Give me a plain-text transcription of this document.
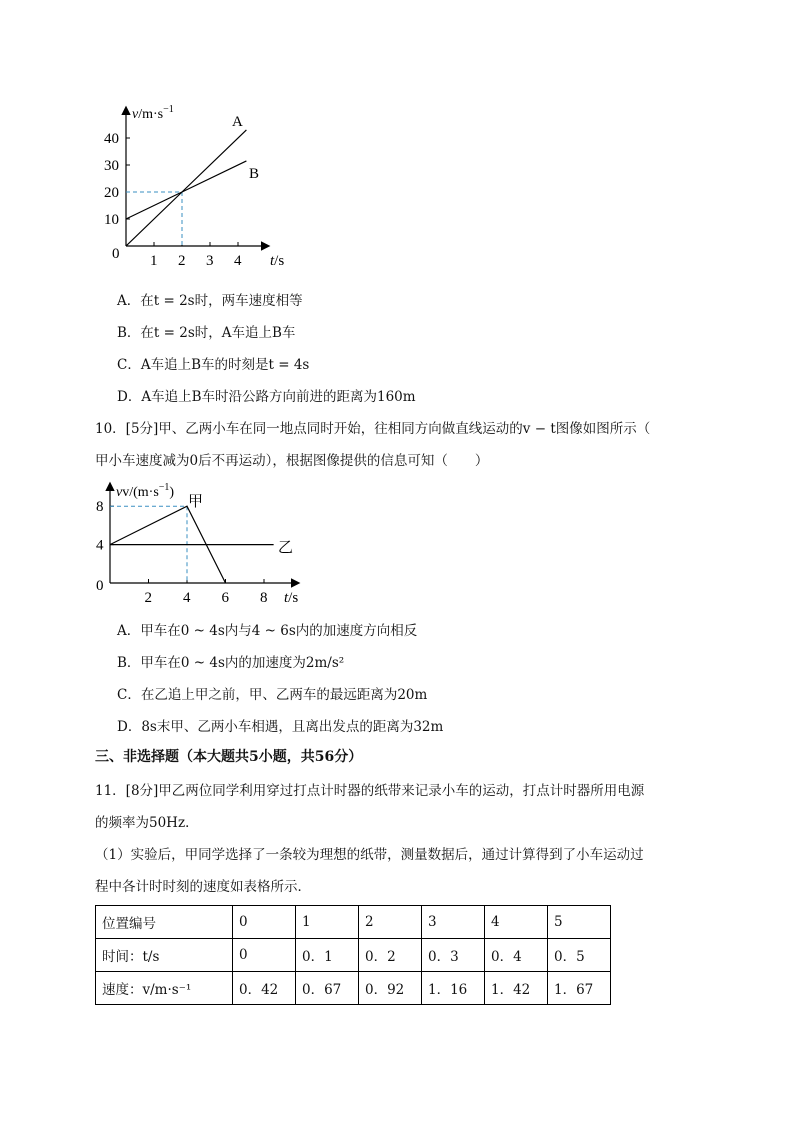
1 2 3 4
10
20
30
40
A
B
$v/m\cdot s^{-1}$
t/s
0
A．在t = 2s时，两车速度相等
B．在t = 2s时，A车追上B车
C．A车追上B车的时刻是t = 4s
D．A车追上B车时沿公路方向前进的距离为160m
10．[5分]甲、乙两小车在同一地点同时开始，往相同方向做直线运动的v − t图像如图所示（
甲小车速度减为0后不再运动），根据图像提供的信息可知（　　）
2 4 6 8
4
8	甲
乙
$vv/(m\cdot s^{-1})$
t/s
0
A．甲车在0 ~ 4s内与4 ~ 6s内的加速度方向相反
B．甲车在0 ~ 4s内的加速度为2m/s²
C．在乙追上甲之前，甲、乙两车的最远距离为20m
D．8s末甲、乙两小车相遇，且离出发点的距离为32m
三、非选择题（本大题共5小题，共56分）
11．[8分]甲乙两位同学利用穿过打点计时器的纸带来记录小车的运动，打点计时器所用电源
的频率为50Hz．
（1）实验后，甲同学选择了一条较为理想的纸带，测量数据后，通过计算得到了小车运动过
程中各计时时刻的速度如表格所示．
位置编号	0	1	2	3	4	5
时间：t/s	0	0．1	0．2	0．3	0．4	0．5
速度：v/m·s⁻¹	0．42	0．67	0．92	1．16	1．42	1．67
